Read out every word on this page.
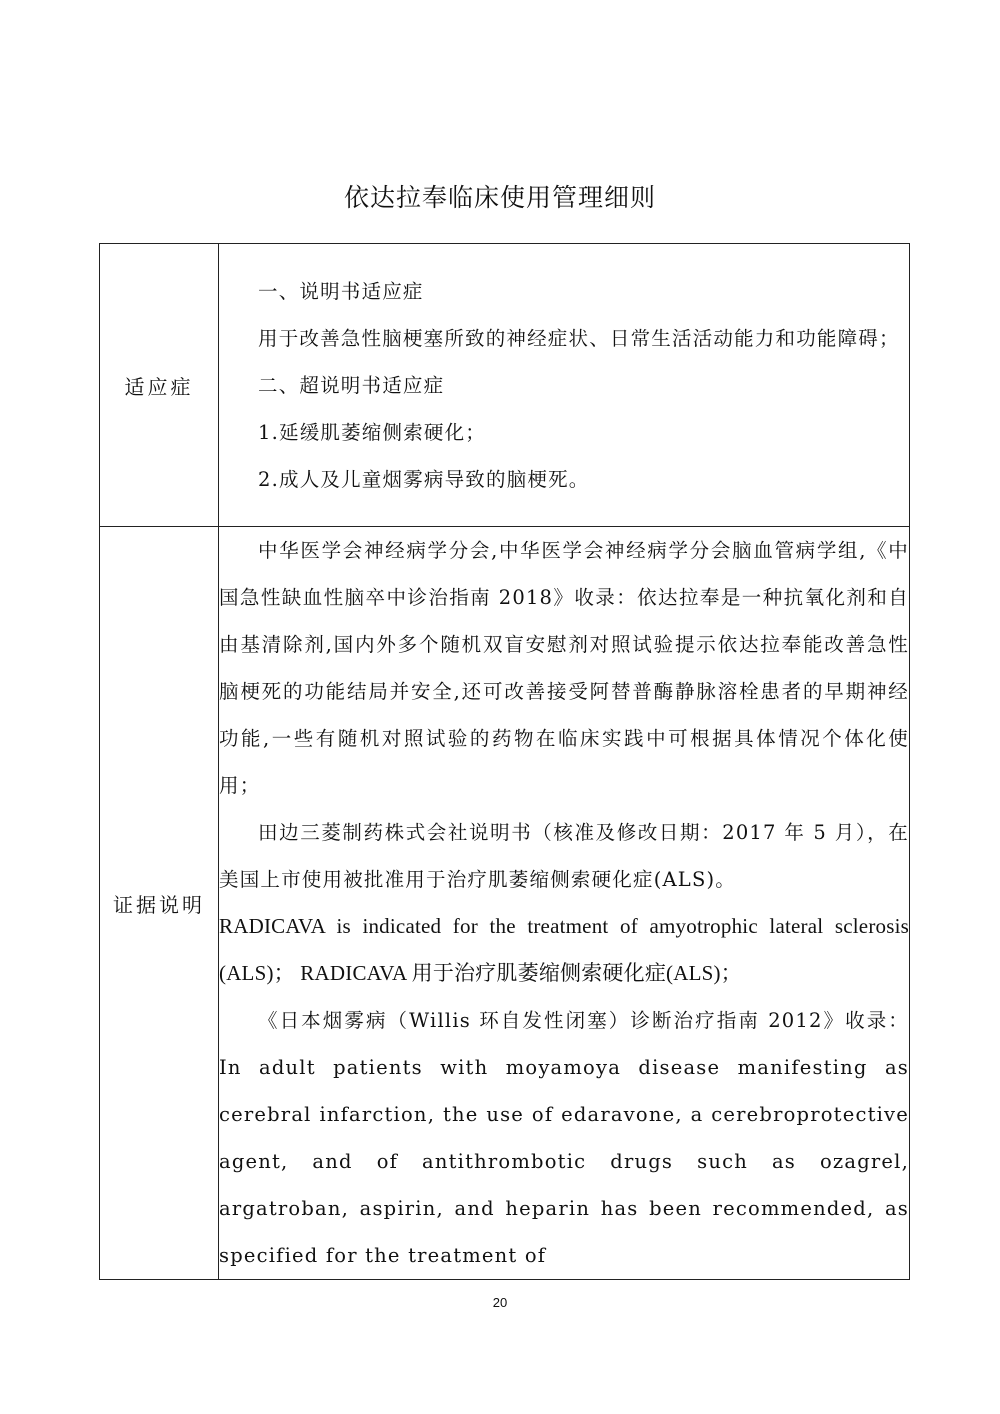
依达拉奉临床使用管理细则
适应症	一、说明书适应症

用于改善急性脑梗塞所致的神经症状、日常生活活动能力和功能障碍；

二、超说明书适应症

1.延缓肌萎缩侧索硬化；

2.成人及儿童烟雾病导致的脑梗死。

证据说明	中华医学会神经病学分会,中华医学会神经病学分会脑血管病学组,《中国急性缺血性脑卒中诊治指南 2018》收录：依达拉奉是一种抗氧化剂和自由基清除剂,国内外多个随机双盲安慰剂对照试验提示依达拉奉能改善急性脑梗死的功能结局并安全,还可改善接受阿替普酶静脉溶栓患者的早期神经功能,一些有随机对照试验的药物在临床实践中可根据具体情况个体化使用；

田边三菱制药株式会社说明书（核准及修改日期：2017 年 5 月），在美国上市使用被批准用于治疗肌萎缩侧索硬化症(ALS)。

RADICAVA is indicated for the treatment of amyotrophic lateral sclerosis (ALS)； RADICAVA 用于治疗肌萎缩侧索硬化症(ALS)；

《日本烟雾病（Willis 环自发性闭塞）诊断治疗指南 2012》收录： In adult patients with moyamoya disease manifesting as cerebral infarction, the use of edaravone, a cerebroprotective agent, and of antithrombotic drugs such as ozagrel, argatroban, aspirin, and heparin has been recommended, as specified for the treatment of

20
